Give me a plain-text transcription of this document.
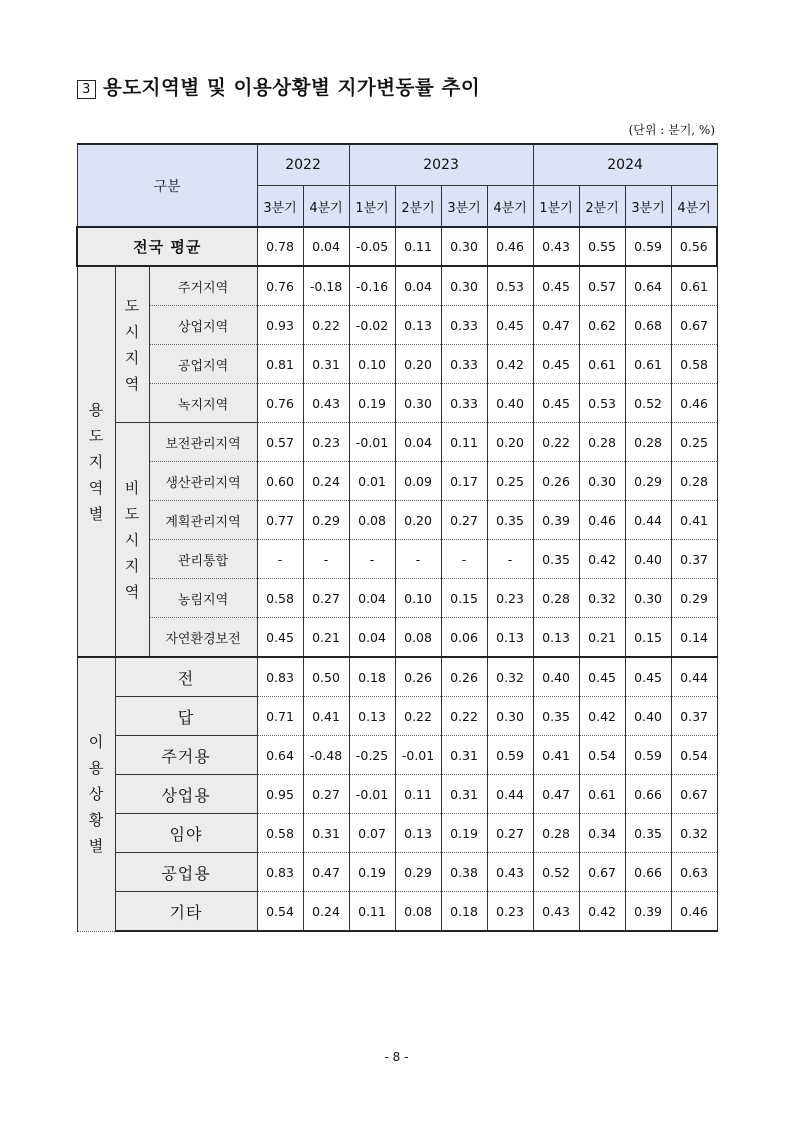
3 용도지역별 및 이용상황별 지가변동률 추이
(단위 : 분기, %)
구분			2022		2023				2024			
			3분기	4분기	1분기	2분기	3분기	4분기	1분기	2분기	3분기	4분기
전국 평균			0.78	0.04	-0.05	0.11	0.30	0.46	0.43	0.55	0.59	0.56

용
도
지
역
별	도
시
지
역	주거지역	0.76	-0.18	-0.16	0.04	0.30	0.53	0.45	0.57	0.64	0.61
		상업지역	0.93	0.22	-0.02	0.13	0.33	0.45	0.47	0.62	0.68	0.67
		공업지역	0.81	0.31	0.10	0.20	0.33	0.42	0.45	0.61	0.61	0.58
		녹지지역	0.76	0.43	0.19	0.30	0.33	0.40	0.45	0.53	0.52	0.46

	비
도
시
지
역	보전관리지역	0.57	0.23	-0.01	0.04	0.11	0.20	0.22	0.28	0.28	0.25
		생산관리지역	0.60	0.24	0.01	0.09	0.17	0.25	0.26	0.30	0.29	0.28
		계획관리지역	0.77	0.29	0.08	0.20	0.27	0.35	0.39	0.46	0.44	0.41
		관리통합	-	-	-	-	-	-	0.35	0.42	0.40	0.37
		농림지역	0.58	0.27	0.04	0.10	0.15	0.23	0.28	0.32	0.30	0.29
		자연환경보전	0.45	0.21	0.04	0.08	0.06	0.13	0.13	0.21	0.15	0.14

이
용
상
황
별	전		0.83	0.50	0.18	0.26	0.26	0.32	0.40	0.45	0.45	0.44
	답		0.71	0.41	0.13	0.22	0.22	0.30	0.35	0.42	0.40	0.37
	주거용		0.64	-0.48	-0.25	-0.01	0.31	0.59	0.41	0.54	0.59	0.54
	상업용		0.95	0.27	-0.01	0.11	0.31	0.44	0.47	0.61	0.66	0.67
	임야		0.58	0.31	0.07	0.13	0.19	0.27	0.28	0.34	0.35	0.32
	공업용		0.83	0.47	0.19	0.29	0.38	0.43	0.52	0.67	0.66	0.63
	기타		0.54	0.24	0.11	0.08	0.18	0.23	0.43	0.42	0.39	0.46
- 8 -
